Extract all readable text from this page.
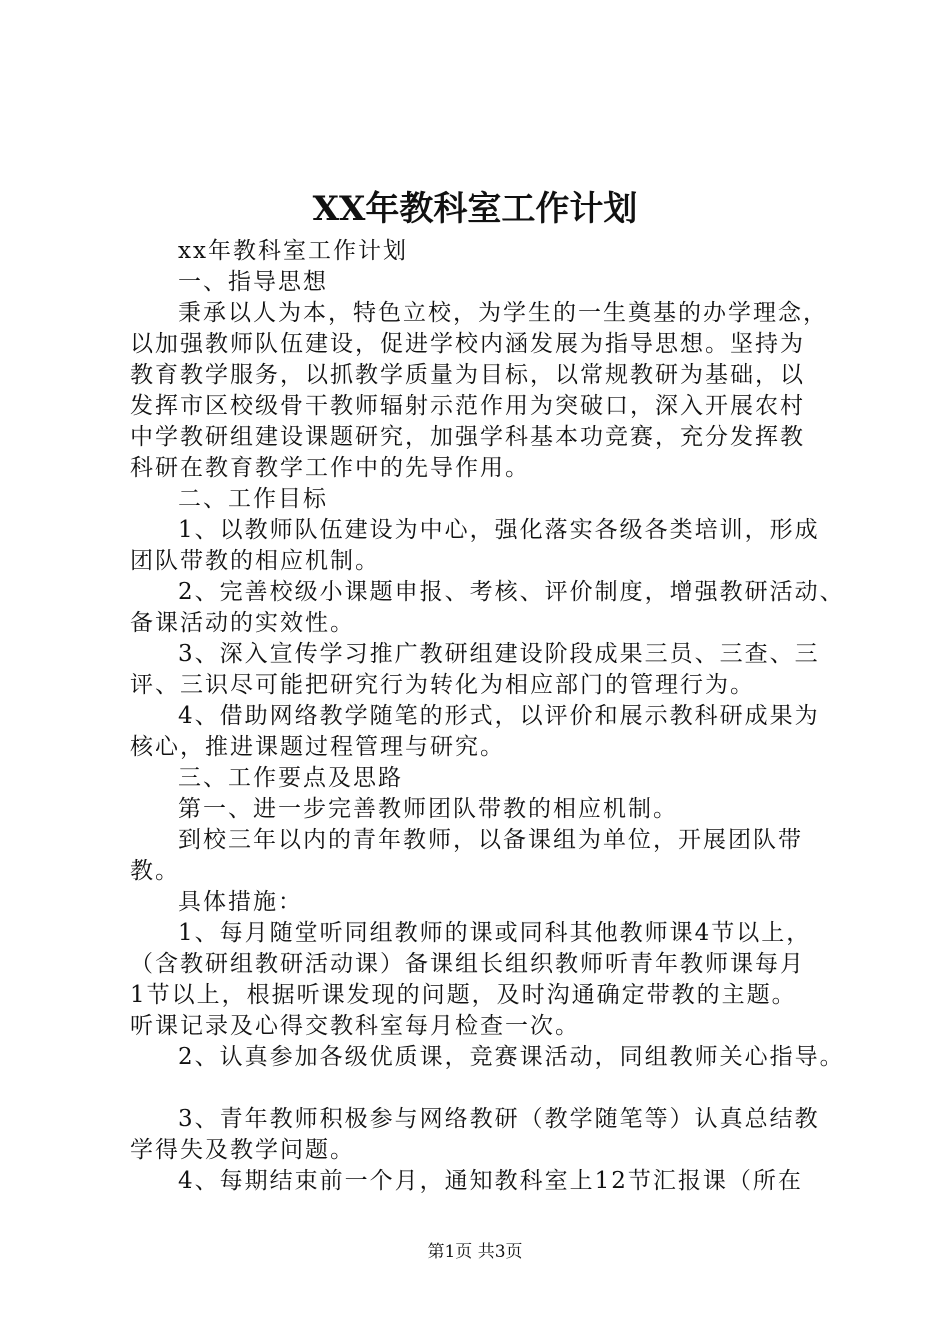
XX年教科室工作计划
xx年教科室工作计划
一、指导思想
秉承以人为本，特色立校，为学生的一生奠基的办学理念，
以加强教师队伍建设，促进学校内涵发展为指导思想。坚持为
教育教学服务，以抓教学质量为目标，以常规教研为基础，以
发挥市区校级骨干教师辐射示范作用为突破口，深入开展农村
中学教研组建设课题研究，加强学科基本功竞赛，充分发挥教
科研在教育教学工作中的先导作用。
二、工作目标
1、以教师队伍建设为中心，强化落实各级各类培训，形成
团队带教的相应机制。
2、完善校级小课题申报、考核、评价制度，增强教研活动、
备课活动的实效性。
3、深入宣传学习推广教研组建设阶段成果三员、三查、三
评、三识尽可能把研究行为转化为相应部门的管理行为。
4、借助网络教学随笔的形式，以评价和展示教科研成果为
核心，推进课题过程管理与研究。
三、工作要点及思路
第一、进一步完善教师团队带教的相应机制。
到校三年以内的青年教师，以备课组为单位，开展团队带
教。
具体措施：
1、每月随堂听同组教师的课或同科其他教师课4节以上，
（含教研组教研活动课）备课组长组织教师听青年教师课每月
1节以上，根据听课发现的问题，及时沟通确定带教的主题。
听课记录及心得交教科室每月检查一次。
2、认真参加各级优质课，竞赛课活动，同组教师关心指导。
3、青年教师积极参与网络教研（教学随笔等）认真总结教
学得失及教学问题。
4、每期结束前一个月，通知教科室上12节汇报课（所在
第1页 共3页
